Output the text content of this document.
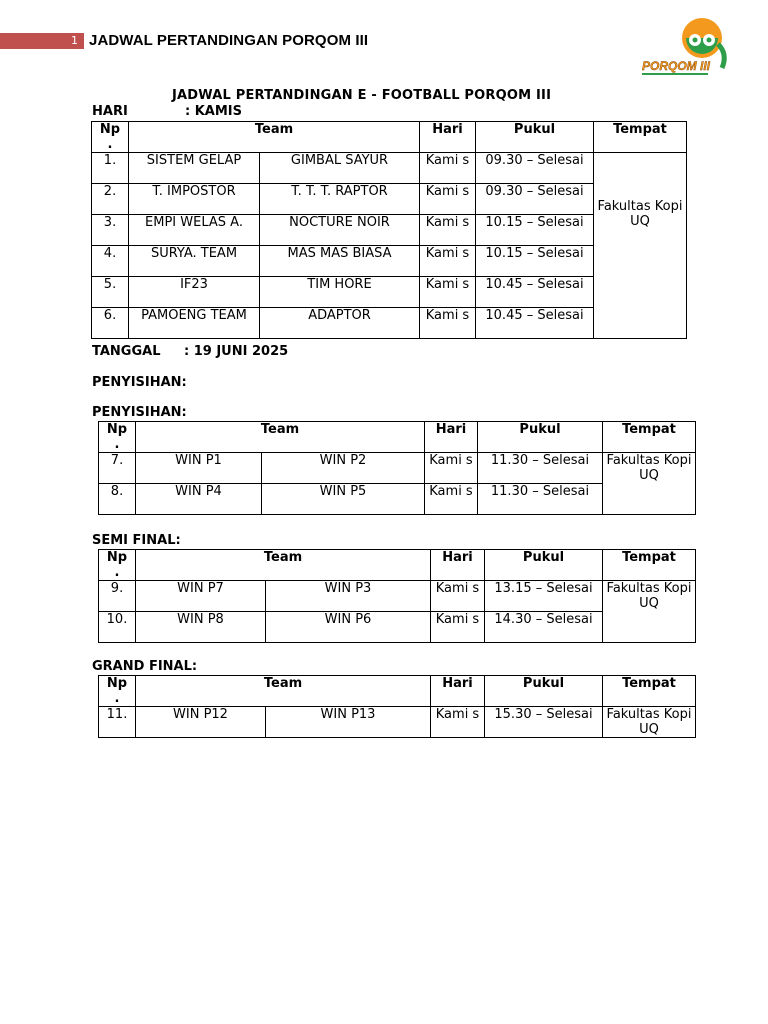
1 JADWAL PERTANDINGAN PORQOM III
PORQOM III
JADWAL PERTANDINGAN E - FOOTBALL PORQOM III
HARI	: KAMIS
Np
.	Team		Hari	Pukul	Tempat
1.	SISTEM GELAP	GIMBAL SAYUR	Kami s	09.30 – Selesai	Fakultas Kopi UQ
2.	T. IMPOSTOR	T. T. T. RAPTOR	Kami s	09.30 – Selesai	
3.	EMPI WELAS A.	NOCTURE NOIR	Kami s	10.15 – Selesai	
4.	SURYA. TEAM	MAS MAS BIASA	Kami s	10.15 – Selesai	
5.	IF23	TIM HORE	Kami s	10.45 – Selesai	
6.	PAMOENG TEAM	ADAPTOR	Kami s	10.45 – Selesai	
TANGGAL : 19 JUNI 2025
PENYISIHAN:
PENYISIHAN:
Np
.	Team		Hari	Pukul	Tempat
7.	WIN P1	WIN P2	Kami s	11.30 – Selesai	Fakultas Kopi UQ
8.	WIN P4	WIN P5	Kami s	11.30 – Selesai	
SEMI FINAL:
Np
.	Team		Hari	Pukul	Tempat
9.	WIN P7	WIN P3	Kami s	13.15 – Selesai	Fakultas Kopi UQ
10.	WIN P8	WIN P6	Kami s	14.30 – Selesai	
GRAND FINAL:
Np
.	Team		Hari	Pukul	Tempat
11.	WIN P12	WIN P13	Kami s	15.30 – Selesai	Fakultas Kopi UQ
